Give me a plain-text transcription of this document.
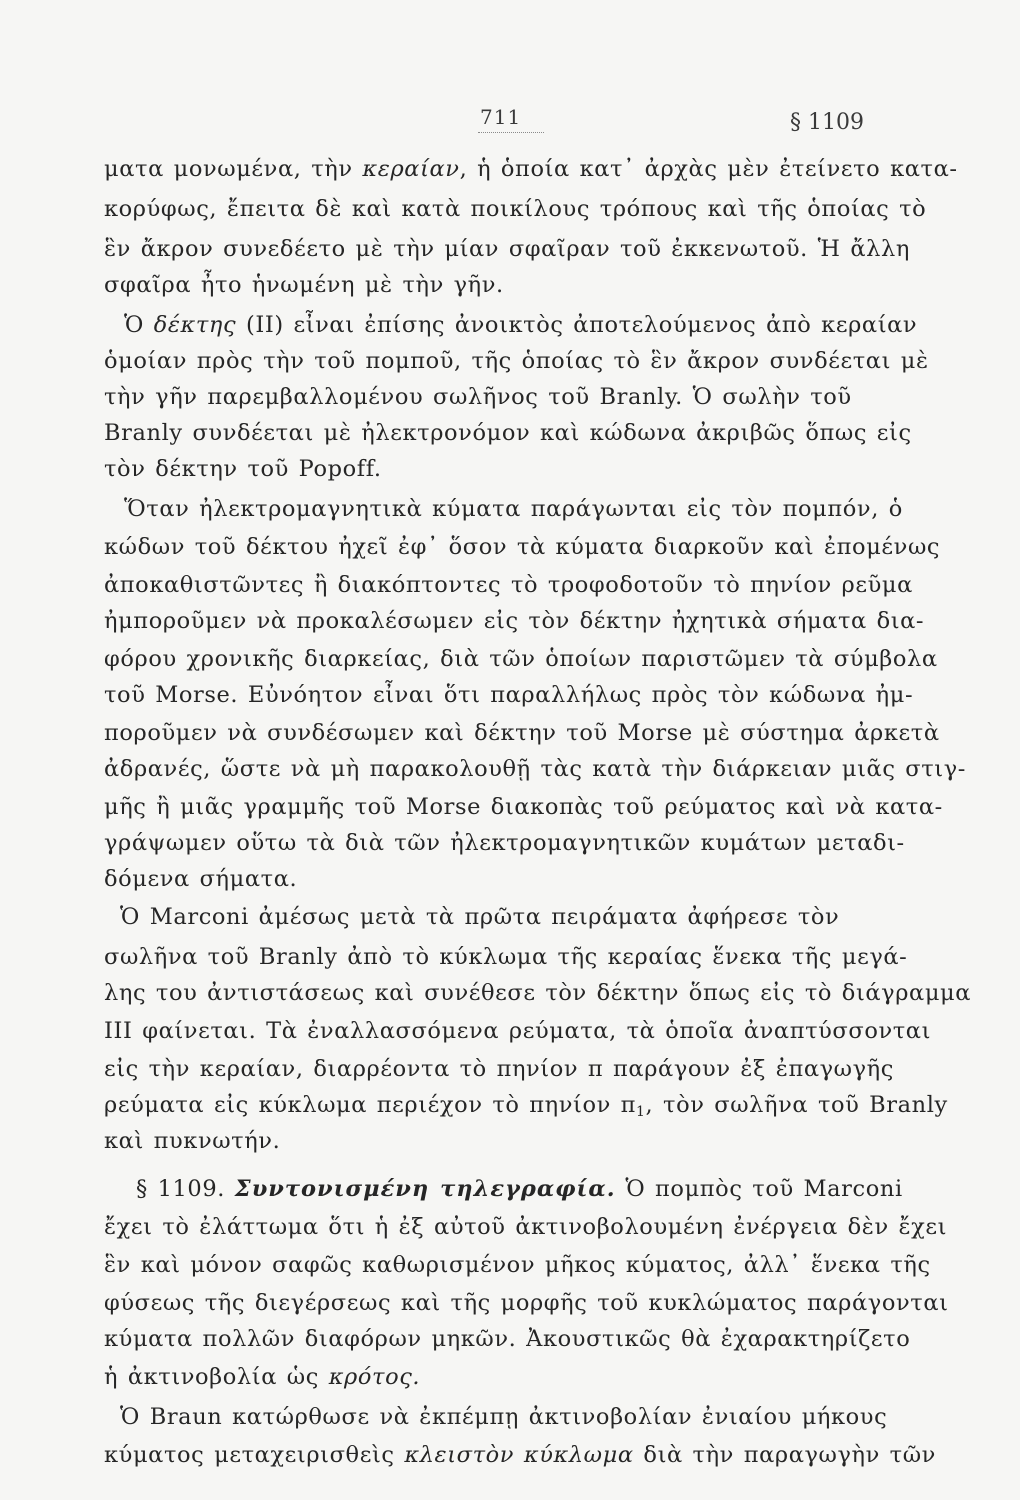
711	§ 1109
ματα μονωμένα, τὴν κεραίαν, ἡ ὁποία κατ᾽ ἀρχὰς μὲν ἐτείνετο κατα-
κορύφως, ἔπειτα δὲ καὶ κατὰ ποικίλους τρόπους καὶ τῆς ὁποίας τὸ
ἓν ἄκρον συνεδέετο μὲ τὴν μίαν σφαῖραν τοῦ ἐκκενωτοῦ. Ἡ ἄλλη
σφαῖρα ἦτο ἡνωμένη μὲ τὴν γῆν.
Ὁ δέκτης (ΙΙ) εἶναι ἐπίσης ἀνοικτὸς ἀποτελούμενος ἀπὸ κεραίαν
ὁμοίαν πρὸς τὴν τοῦ πομποῦ, τῆς ὁποίας τὸ ἓν ἄκρον συνδέεται μὲ
τὴν γῆν παρεμβαλλομένου σωλῆνος τοῦ Branly. Ὁ σωλὴν τοῦ
Branly συνδέεται μὲ ἠλεκτρονόμον καὶ κώδωνα ἀκριβῶς ὅπως εἰς
τὸν δέκτην τοῦ Popoff.
Ὅταν ἠλεκτρομαγνητικὰ κύματα παράγωνται εἰς τὸν πομπόν, ὁ
κώδων τοῦ δέκτου ἠχεῖ ἐφ᾽ ὅσον τὰ κύματα διαρκοῦν καὶ ἐπομένως
ἀποκαθιστῶντες ἢ διακόπτοντες τὸ τροφοδοτοῦν τὸ πηνίον ρεῦμα
ἠμποροῦμεν νὰ προκαλέσωμεν εἰς τὸν δέκτην ἠχητικὰ σήματα δια-
φόρου χρονικῆς διαρκείας, διὰ τῶν ὁποίων παριστῶμεν τὰ σύμβολα
τοῦ Morse. Εὐνόητον εἶναι ὅτι παραλλήλως πρὸς τὸν κώδωνα ἠμ-
ποροῦμεν νὰ συνδέσωμεν καὶ δέκτην τοῦ Morse μὲ σύστημα ἀρκετὰ
ἀδρανές, ὥστε νὰ μὴ παρακολουθῇ τὰς κατὰ τὴν διάρκειαν μιᾶς στιγ-
μῆς ἢ μιᾶς γραμμῆς τοῦ Morse διακοπὰς τοῦ ρεύματος καὶ νὰ κατα-
γράψωμεν οὕτω τὰ διὰ τῶν ἠλεκτρομαγνητικῶν κυμάτων μεταδι-
δόμενα σήματα.
Ὁ Marconi ἀμέσως μετὰ τὰ πρῶτα πειράματα ἀφήρεσε τὸν
σωλῆνα τοῦ Branly ἀπὸ τὸ κύκλωμα τῆς κεραίας ἕνεκα τῆς μεγά-
λης του ἀντιστάσεως καὶ συνέθεσε τὸν δέκτην ὅπως εἰς τὸ διάγραμμα
ΙΙΙ φαίνεται. Τὰ ἐναλλασσόμενα ρεύματα, τὰ ὁποῖα ἀναπτύσσονται
εἰς τὴν κεραίαν, διαρρέοντα τὸ πηνίον π παράγουν ἐξ ἐπαγωγῆς
ρεύματα εἰς κύκλωμα περιέχον τὸ πηνίον $\pi_1$, τὸν σωλῆνα τοῦ Branly
καὶ πυκνωτήν.
§ 1109. Συντονισμένη τηλεγραφία. Ὁ πομπὸς τοῦ Marconi
ἔχει τὸ ἐλάττωμα ὅτι ἡ ἐξ αὐτοῦ ἀκτινοβολουμένη ἐνέργεια δὲν ἔχει
ἓν καὶ μόνον σαφῶς καθωρισμένον μῆκος κύματος, ἀλλ᾽ ἕνεκα τῆς
φύσεως τῆς διεγέρσεως καὶ τῆς μορφῆς τοῦ κυκλώματος παράγονται
κύματα πολλῶν διαφόρων μηκῶν. Ἀκουστικῶς θὰ ἐχαρακτηρίζετο
ἡ ἀκτινοβολία ὡς κρότος.
Ὁ Braun κατώρθωσε νὰ ἐκπέμπῃ ἀκτινοβολίαν ἐνιαίου μήκους
κύματος μεταχειρισθεὶς κλειστὸν κύκλωμα διὰ τὴν παραγωγὴν τῶν
